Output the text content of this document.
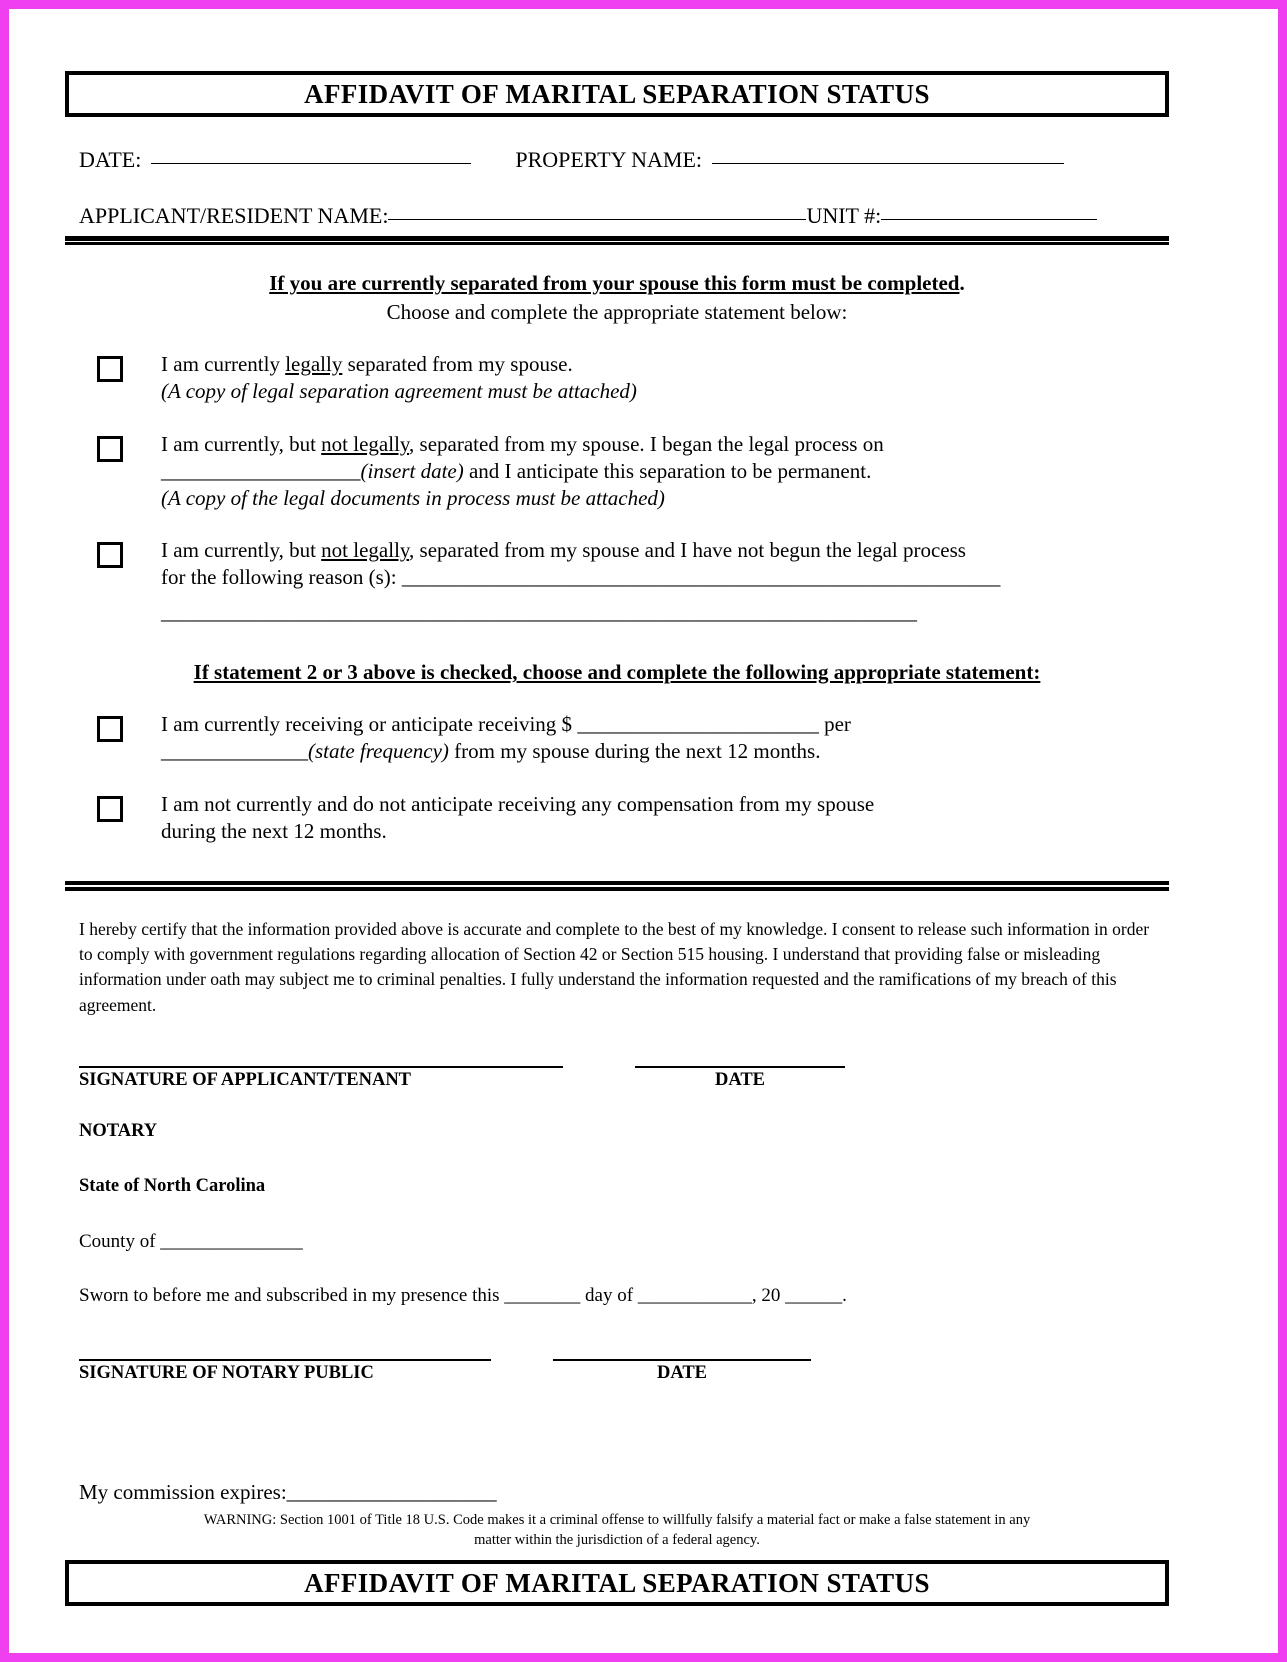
AFFIDAVIT OF MARITAL SEPARATION STATUS
DATE:	PROPERTY NAME:
APPLICANT/RESIDENT NAME:	UNIT #:
If you are currently separated from your spouse this form must be completed.
Choose and complete the appropriate statement below:
I am currently legally separated from my spouse.
(A copy of legal separation agreement must be attached)
I am currently, but not legally, separated from my spouse. I began the legal process on
___________________(insert date) and I anticipate this separation to be permanent.
(A copy of the legal documents in process must be attached)
I am currently, but not legally, separated from my spouse and I have not begun the legal process
for the following reason (s): _________________________________________________________
________________________________________________________________________
If statement 2 or 3 above is checked, choose and complete the following appropriate statement:
I am currently receiving or anticipate receiving $ _______________________ per
______________(state frequency) from my spouse during the next 12 months.
I am not currently and do not anticipate receiving any compensation from my spouse
during the next 12 months.
I hereby certify that the information provided above is accurate and complete to the best of my knowledge. I consent to release such information in order to comply with government regulations regarding allocation of Section 42 or Section 515 housing. I understand that providing false or misleading information under oath may subject me to criminal penalties. I fully understand the information requested and the ramifications of my breach of this agreement.
SIGNATURE OF APPLICANT/TENANT	DATE
NOTARY
State of North Carolina
County of _______________
Sworn to before me and subscribed in my presence this ________ day of ____________, 20 ______.
SIGNATURE OF NOTARY PUBLIC	DATE
My commission expires:____________________
WARNING: Section 1001 of Title 18 U.S. Code makes it a criminal offense to willfully falsify a material fact or make a false statement in any
matter within the jurisdiction of a federal agency.
AFFIDAVIT OF MARITAL SEPARATION STATUS
